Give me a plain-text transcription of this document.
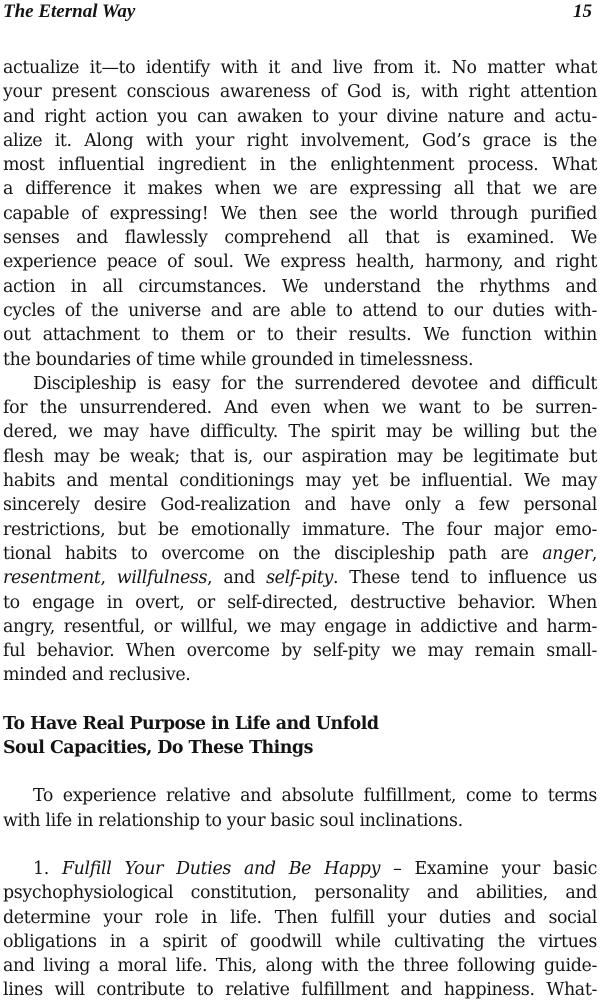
The Eternal Way	15
actualize it—to identify with it and live from it. No matter what
your present conscious awareness of God is, with right attention
and right action you can awaken to your divine nature and actu-
alize it. Along with your right involvement, God’s grace is the
most influential ingredient in the enlightenment process. What
a difference it makes when we are expressing all that we are
capable of expressing! We then see the world through purified
senses and flawlessly comprehend all that is examined. We
experience peace of soul. We express health, harmony, and right
action in all circumstances. We understand the rhythms and
cycles of the universe and are able to attend to our duties with-
out attachment to them or to their results. We function within
the boundaries of time while grounded in timelessness.
Discipleship is easy for the surrendered devotee and difficult
for the unsurrendered. And even when we want to be surren-
dered, we may have difficulty. The spirit may be willing but the
flesh may be weak; that is, our aspiration may be legitimate but
habits and mental conditionings may yet be influential. We may
sincerely desire God-realization and have only a few personal
restrictions, but be emotionally immature. The four major emo-
tional habits to overcome on the discipleship path are anger,
resentment, willfulness, and self-pity. These tend to influence us
to engage in overt, or self-directed, destructive behavior. When
angry, resentful, or willful, we may engage in addictive and harm-
ful behavior. When overcome by self-pity we may remain small-
minded and reclusive.
To Have Real Purpose in Life and Unfold
Soul Capacities, Do These Things
To experience relative and absolute fulfillment, come to terms
with life in relationship to your basic soul inclinations.
1. Fulfill Your Duties and Be Happy – Examine your basic
psychophysiological constitution, personality and abilities, and
determine your role in life. Then fulfill your duties and social
obligations in a spirit of goodwill while cultivating the virtues
and living a moral life. This, along with the three following guide-
lines will contribute to relative fulfillment and happiness. What-
